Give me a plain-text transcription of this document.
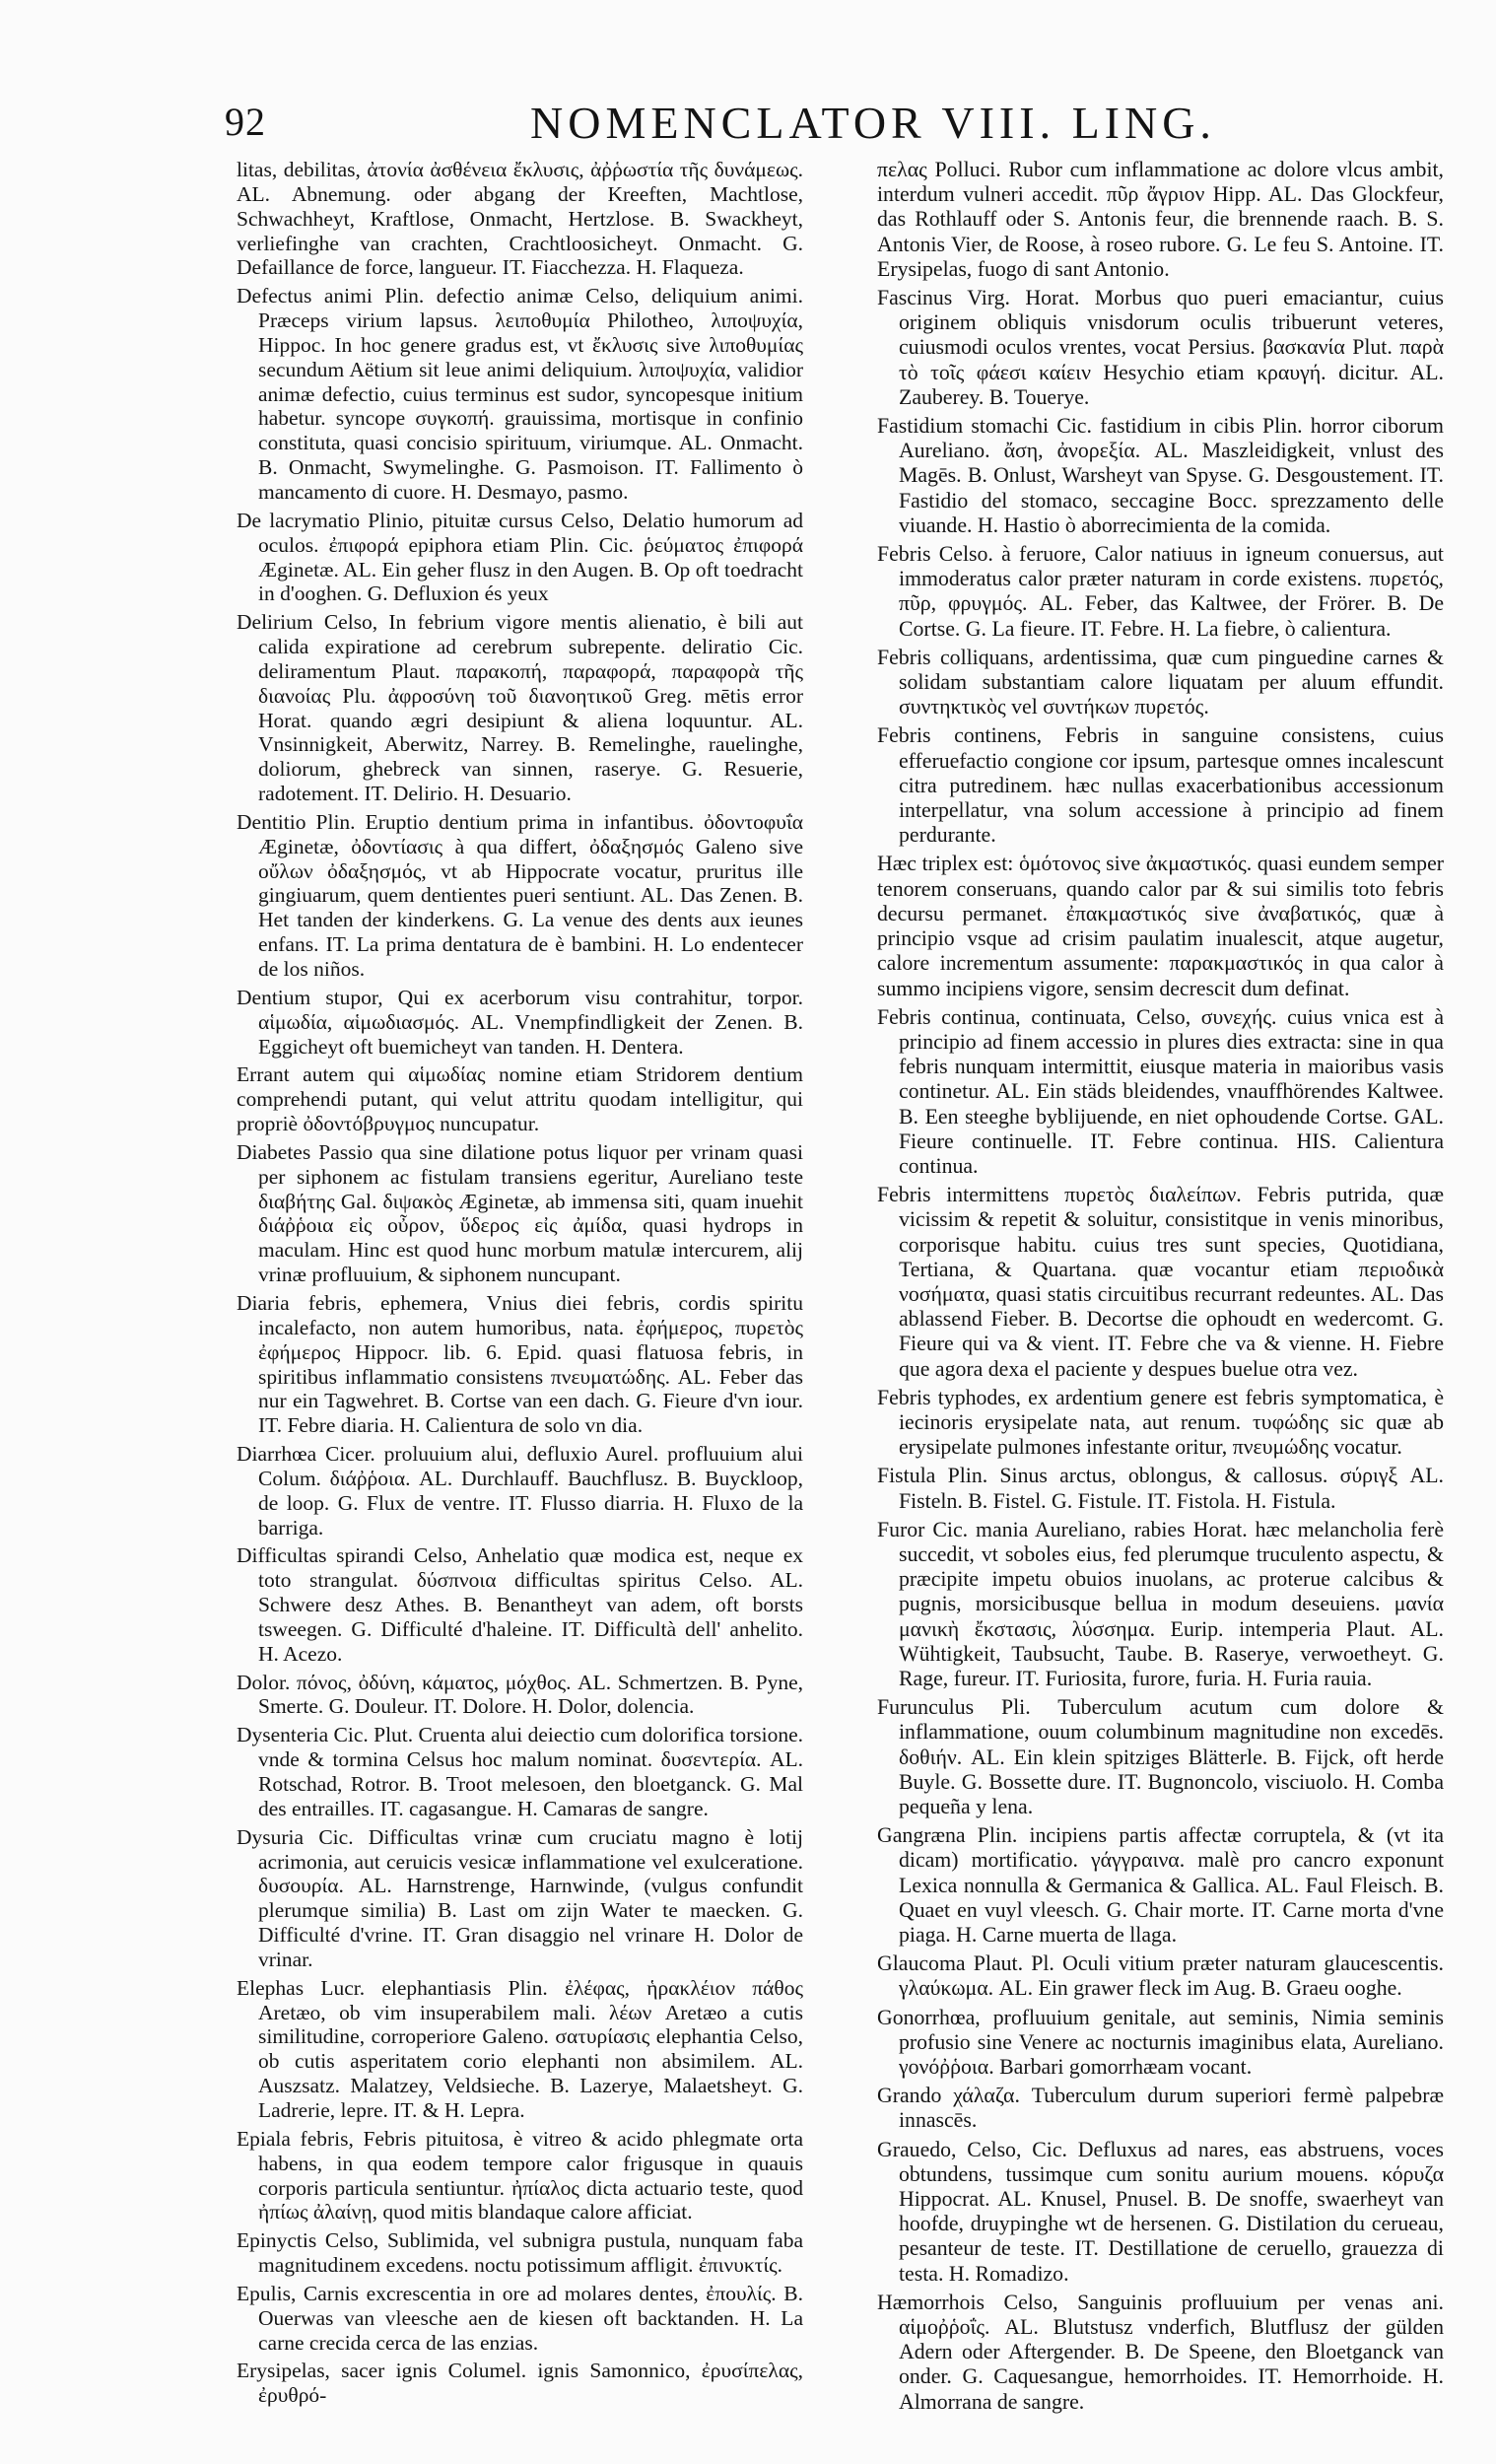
92	NOMENCLATOR VIII. LING.

litas, debilitas, ἀτονία ἀσθένεια ἔκλυσις, ἀῤῥωστία τῆς δυνάμεως. AL. Abnemung. oder abgang der Kreeften, Machtlose, Schwachheyt, Kraftlose, Onmacht, Hertzlose. B. Swackheyt, verliefinghe van crachten, Crachtloosicheyt. Onmacht. G. Defaillance de force, langueur. IT. Fiacchezza. H. Flaqueza.

Defectus animi Plin. defectio animæ Celso, deliquium animi. Præceps virium lapsus. λειποθυμία Philotheo, λιποψυχία, Hippoc. In hoc genere gradus est, vt ἔκλυσις sive λιποθυμίας secundum Aëtium sit leue animi deliquium. λιποψυχία, validior animæ defectio, cuius terminus est sudor, syncopesque initium habetur. syncope συγκοπή. grauissima, mortisque in confinio constituta, quasi concisio spirituum, viriumque. AL. Onmacht. B. Onmacht, Swymelinghe. G. Pasmoison. IT. Fallimento ò mancamento di cuore. H. Desmayo, pasmo.

De lacrymatio Plinio, pituitæ cursus Celso, Delatio humorum ad oculos. ἐπιφορά epiphora etiam Plin. Cic. ῥεύματος ἐπιφορά Æginetæ. AL. Ein geher flusz in den Augen. B. Op oft toedracht in d'ooghen. G. Defluxion és yeux

Delirium Celso, In febrium vigore mentis alienatio, è bili aut calida expiratione ad cerebrum subrepente. deliratio Cic. deliramentum Plaut. παρακοπή, παραφορά, παραφορὰ τῆς διανοίας Plu. ἀφροσύνη τοῦ διανοητικοῦ Greg. mētis error Horat. quando ægri desipiunt & aliena loquuntur. AL. Vnsinnigkeit, Aberwitz, Narrey. B. Remelinghe, rauelinghe, doliorum, ghebreck van sinnen, raserye. G. Resuerie, radotement. IT. Delirio. H. Desuario.

Dentitio Plin. Eruptio dentium prima in infantibus. ὀδοντοφυΐα Æginetæ, ὀδοντίασις à qua differt, ὀδαξησμός Galeno sive οὔλων ὀδαξησμός, vt ab Hippocrate vocatur, pruritus ille gingiuarum, quem dentientes pueri sentiunt. AL. Das Zenen. B. Het tanden der kinderkens. G. La venue des dents aux ieunes enfans. IT. La prima dentatura de è bambini. H. Lo endentecer de los niños.

Dentium stupor, Qui ex acerborum visu contrahitur, torpor. αἱμωδία, αἱμωδιασμός. AL. Vnempfindligkeit der Zenen. B. Eggicheyt oft buemicheyt van tanden. H. Dentera.

Errant autem qui αἱμωδίας nomine etiam Stridorem dentium comprehendi putant, qui velut attritu quodam intelligitur, qui propriè ὀδοντόβρυγμος nuncupatur.

Diabetes Passio qua sine dilatione potus liquor per vrinam quasi per siphonem ac fistulam transiens egeritur, Aureliano teste διαβήτης Gal. διψακὸς Æginetæ, ab immensa siti, quam inuehit διάῤῥοια εἰς οὖρον, ὕδερος εἰς ἀμίδα, quasi hydrops in maculam. Hinc est quod hunc morbum matulæ intercurem, alij vrinæ profluuium, & siphonem nuncupant.

Diaria febris, ephemera, Vnius diei febris, cordis spiritu incalefacto, non autem humoribus, nata. ἐφήμερος, πυρετὸς ἐφήμερος Hippocr. lib. 6. Epid. quasi flatuosa febris, in spiritibus inflammatio consistens πνευματώδης. AL. Feber das nur ein Tagwehret. B. Cortse van een dach. G. Fieure d'vn iour. IT. Febre diaria. H. Calientura de solo vn dia.

Diarrhœa Cicer. proluuium alui, defluxio Aurel. profluuium alui Colum. διάῤῥοια. AL. Durchlauff. Bauchflusz. B. Buyckloop, de loop. G. Flux de ventre. IT. Flusso diarria. H. Fluxo de la barriga.

Difficultas spirandi Celso, Anhelatio quæ modica est, neque ex toto strangulat. δύσπνοια difficultas spiritus Celso. AL. Schwere desz Athes. B. Benantheyt van adem, oft borsts tsweegen. G. Difficulté d'haleine. IT. Difficultà dell' anhelito. H. Acezo.

Dolor. πόνος, ὀδύνη, κάματος, μόχθος. AL. Schmertzen. B. Pyne, Smerte. G. Douleur. IT. Dolore. H. Dolor, dolencia.

Dysenteria Cic. Plut. Cruenta alui deiectio cum dolorifica torsione. vnde & tormina Celsus hoc malum nominat. δυσεντερία. AL. Rotschad, Rotror. B. Troot melesoen, den bloetganck. G. Mal des entrailles. IT. cagasangue. H. Camaras de sangre.

Dysuria Cic. Difficultas vrinæ cum cruciatu magno è lotij acrimonia, aut ceruicis vesicæ inflammatione vel exulceratione. δυσουρία. AL. Harnstrenge, Harnwinde, (vulgus confundit plerumque similia) B. Last om zijn Water te maecken. G. Difficulté d'vrine. IT. Gran disaggio nel vrinare H. Dolor de vrinar.

Elephas Lucr. elephantiasis Plin. ἐλέφας, ἡρακλέιον πάθος Aretæo, ob vim insuperabilem mali. λέων Aretæo a cutis similitudine, corroperiore Galeno. σατυρίασις elephantia Celso, ob cutis asperitatem corio elephanti non absimilem. AL. Auszsatz. Malatzey, Veldsieche. B. Lazerye, Malaetsheyt. G. Ladrerie, lepre. IT. & H. Lepra.

Epiala febris, Febris pituitosa, è vitreo & acido phlegmate orta habens, in qua eodem tempore calor frigusque in quauis corporis particula sentiuntur. ἠπίαλος dicta actuario teste, quod ἠπίως ἀλαίνῃ, quod mitis blandaque calore afficiat.

Epinyctis Celso, Sublimida, vel subnigra pustula, nunquam faba magnitudinem excedens. noctu potissimum affligit. ἐπινυκτίς.

Epulis, Carnis excrescentia in ore ad molares dentes, ἐπουλίς. B. Ouerwas van vleesche aen de kiesen oft backtanden. H. La carne crecida cerca de las enzias.

Erysipelas, sacer ignis Columel. ignis Samonnico, ἐρυσίπελας, ἐρυθρό-

πελας Polluci. Rubor cum inflammatione ac dolore vlcus ambit, interdum vulneri accedit. πῦρ ἄγριον Hipp. AL. Das Glockfeur, das Rothlauff oder S. Antonis feur, die brennende raach. B. S. Antonis Vier, de Roose, à roseo rubore. G. Le feu S. Antoine. IT. Erysipelas, fuogo di sant Antonio.

Fascinus Virg. Horat. Morbus quo pueri emaciantur, cuius originem obliquis vnisdorum oculis tribuerunt veteres, cuiusmodi oculos vrentes, vocat Persius. βασκανία Plut. παρὰ τὸ τοῖς φάεσι καίειν Hesychio etiam κραυγή. dicitur. AL. Zauberey. B. Touerye.

Fastidium stomachi Cic. fastidium in cibis Plin. horror ciborum Aureliano. ἄση, ἀνορεξία. AL. Maszleidigkeit, vnlust des Magēs. B. Onlust, Warsheyt van Spyse. G. Desgoustement. IT. Fastidio del stomaco, seccagine Bocc. sprezzamento delle viuande. H. Hastio ò aborrecimienta de la comida.

Febris Celso. à feruore, Calor natiuus in igneum conuersus, aut immoderatus calor præter naturam in corde existens. πυρετός, πῦρ, φρυγμός. AL. Feber, das Kaltwee, der Frörer. B. De Cortse. G. La fieure. IT. Febre. H. La fiebre, ò calientura.

Febris colliquans, ardentissima, quæ cum pinguedine carnes & solidam substantiam calore liquatam per aluum effundit. συντηκτικὸς vel συντήκων πυρετός.

Febris continens, Febris in sanguine consistens, cuius efferuefactio congione cor ipsum, partesque omnes incalescunt citra putredinem. hæc nullas exacerbationibus accessionum interpellatur, vna solum accessione à principio ad finem perdurante.

Hæc triplex est: ὁμότονος sive ἀκμαστικός. quasi eundem semper tenorem conseruans, quando calor par & sui similis toto febris decursu permanet. ἐπακμαστικός sive ἀναβατικός, quæ à principio vsque ad crisim paulatim inualescit, atque augetur, calore incrementum assumente: παρακμαστικός in qua calor à summo incipiens vigore, sensim decrescit dum definat.

Febris continua, continuata, Celso, συνεχής. cuius vnica est à principio ad finem accessio in plures dies extracta: sine in qua febris nunquam intermittit, eiusque materia in maioribus vasis continetur. AL. Ein städs bleidendes, vnauffhörendes Kaltwee. B. Een steeghe byblijuende, en niet ophoudende Cortse. GAL. Fieure continuelle. IT. Febre continua. HIS. Calientura continua.

Febris intermittens πυρετὸς διαλείπων. Febris putrida, quæ vicissim & repetit & soluitur, consistitque in venis minoribus, corporisque habitu. cuius tres sunt species, Quotidiana, Tertiana, & Quartana. quæ vocantur etiam περιοδικὰ νοσήματα, quasi statis circuitibus recurrant redeuntes. AL. Das ablassend Fieber. B. Decortse die ophoudt en wedercomt. G. Fieure qui va & vient. IT. Febre che va & vienne. H. Fiebre que agora dexa el paciente y despues buelue otra vez.

Febris typhodes, ex ardentium genere est febris symptomatica, è iecinoris erysipelate nata, aut renum. τυφώδης sic quæ ab erysipelate pulmones infestante oritur, πνευμώδης vocatur.

Fistula Plin. Sinus arctus, oblongus, & callosus. σύριγξ AL. Fisteln. B. Fistel. G. Fistule. IT. Fistola. H. Fistula.

Furor Cic. mania Aureliano, rabies Horat. hæc melancholia ferè succedit, vt soboles eius, fed plerumque truculento aspectu, & præcipite impetu obuios inuolans, ac proterue calcibus & pugnis, morsicibusque bellua in modum deseuiens. μανία μανικὴ ἔκστασις, λύσσημα. Eurip. intemperia Plaut. AL. Wühtigkeit, Taubsucht, Taube. B. Raserye, verwoetheyt. G. Rage, fureur. IT. Furiosita, furore, furia. H. Furia rauia.

Furunculus Pli. Tuberculum acutum cum dolore & inflammatione, ouum columbinum magnitudine non excedēs. δοθιήν. AL. Ein klein spitziges Blätterle. B. Fijck, oft herde Buyle. G. Bossette dure. IT. Bugnoncolo, visciuolo. H. Comba pequeña y lena.

Gangræna Plin. incipiens partis affectæ corruptela, & (vt ita dicam) mortificatio. γάγγραινα. malè pro cancro exponunt Lexica nonnulla & Germanica & Gallica. AL. Faul Fleisch. B. Quaet en vuyl vleesch. G. Chair morte. IT. Carne morta d'vne piaga. H. Carne muerta de llaga.

Glaucoma Plaut. Pl. Oculi vitium præter naturam glaucescentis. γλαύκωμα. AL. Ein grawer fleck im Aug. B. Graeu ooghe.

Gonorrhœa, profluuium genitale, aut seminis, Nimia seminis profusio sine Venere ac nocturnis imaginibus elata, Aureliano. γονόῤῥοια. Barbari gomorrhæam vocant.

Grando χάλαζα. Tuberculum durum superiori fermè palpebræ innascēs.

Grauedo, Celso, Cic. Defluxus ad nares, eas abstruens, voces obtundens, tussimque cum sonitu aurium mouens. κόρυζα Hippocrat. AL. Knusel, Pnusel. B. De snoffe, swaerheyt van hoofde, druypinghe wt de hersenen. G. Distilation du cerueau, pesanteur de teste. IT. Destillatione de ceruello, grauezza di testa. H. Romadizo.

Hæmorrhois Celso, Sanguinis profluuium per venas ani. αἱμοῤῥοΐς. AL. Blutstusz vnderfich, Blutflusz der gülden Adern oder Aftergender. B. De Speene, den Bloetganck van onder. G. Caquesangue, hemorrhoides. IT. Hemorrhoide. H. Almorrana de sangre.
